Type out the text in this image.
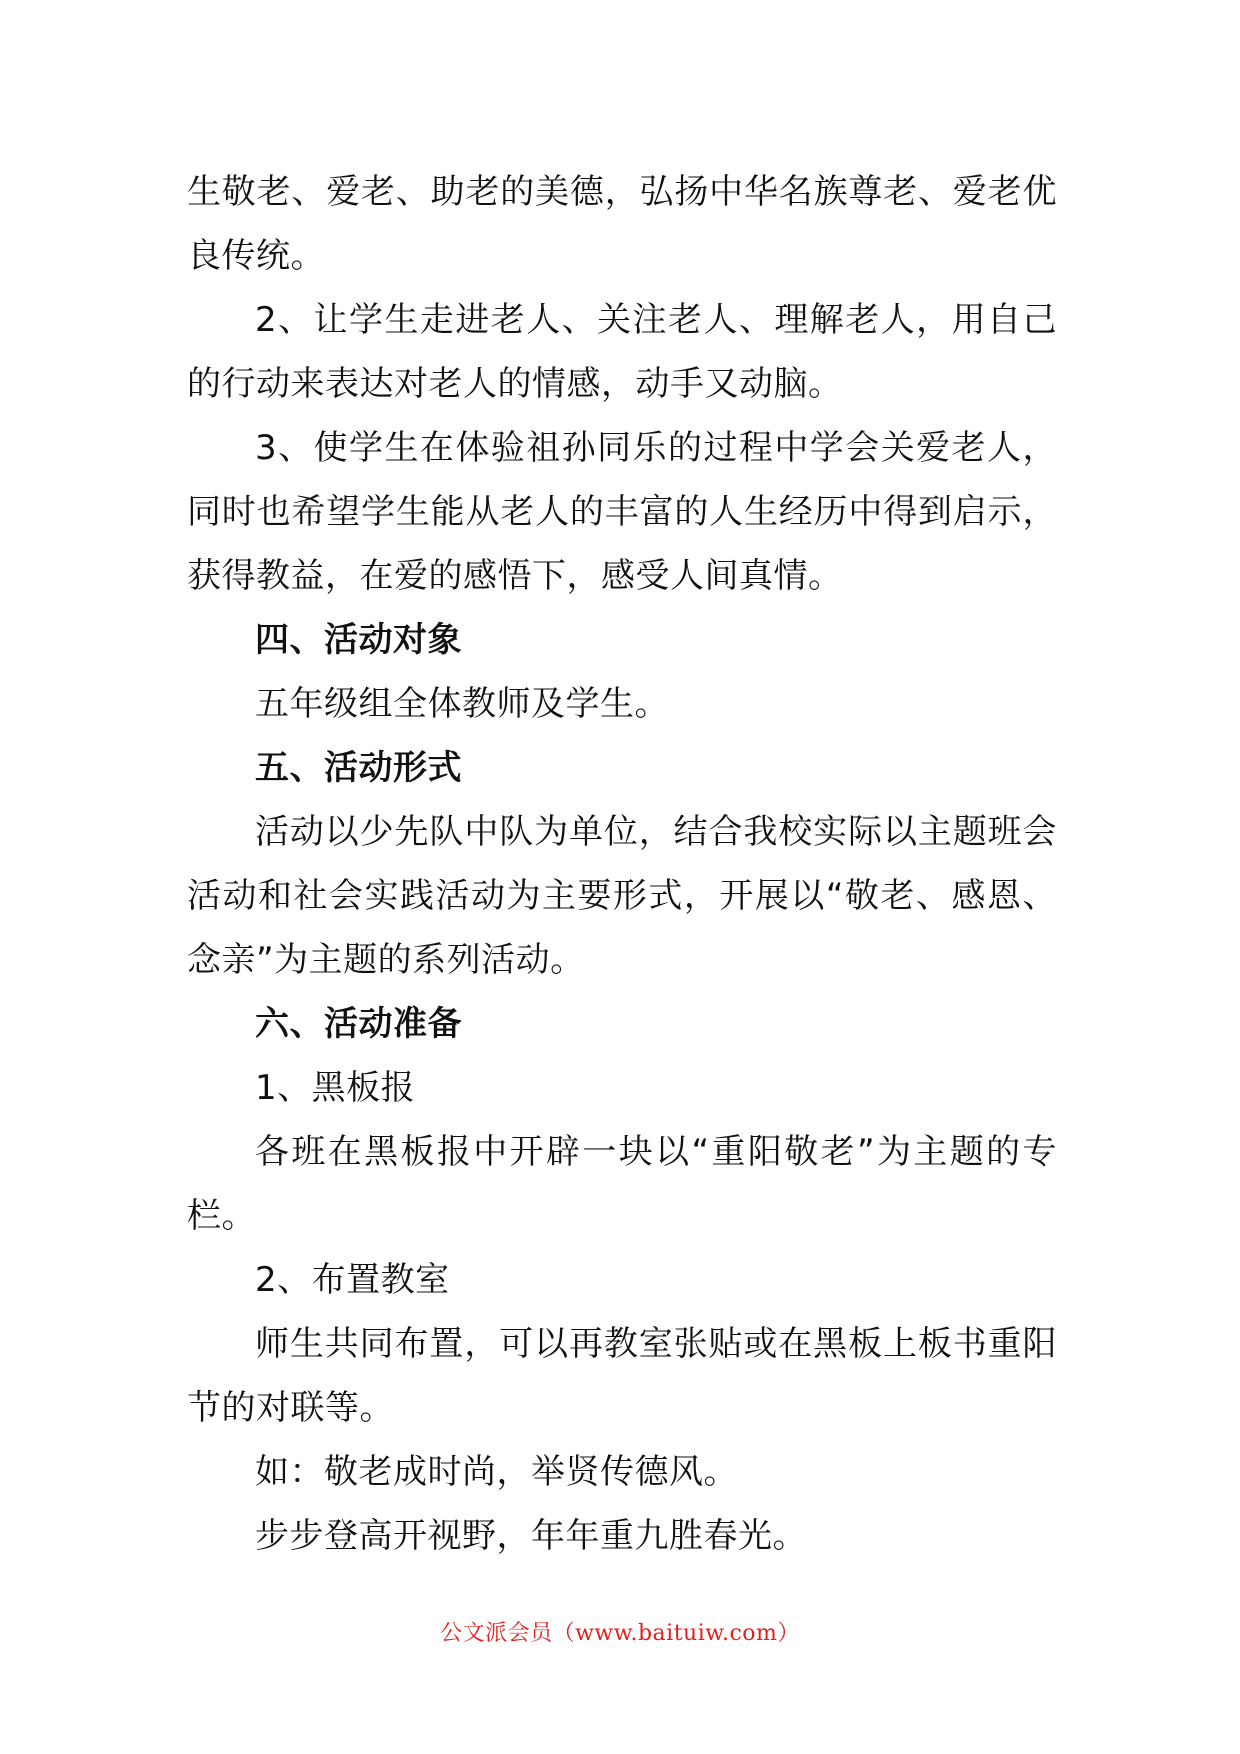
生敬老、爱老、助老的美德，弘扬中华名族尊老、爱老优良传统。

2、让学生走进老人、关注老人、理解老人，用自己的行动来表达对老人的情感，动手又动脑。

3、使学生在体验祖孙同乐的过程中学会关爱老人，同时也希望学生能从老人的丰富的人生经历中得到启示，获得教益，在爱的感悟下，感受人间真情。

四、活动对象

五年级组全体教师及学生。

五、活动形式

活动以少先队中队为单位，结合我校实际以主题班会活动和社会实践活动为主要形式，开展以“敬老、感恩、念亲”为主题的系列活动。

六、活动准备

1、黑板报

各班在黑板报中开辟一块以“重阳敬老”为主题的专栏。

2、布置教室

师生共同布置，可以再教室张贴或在黑板上板书重阳节的对联等。

如：敬老成时尚，举贤传德风。

步步登高开视野，年年重九胜春光。

公文派会员（www.baituiw.com）
